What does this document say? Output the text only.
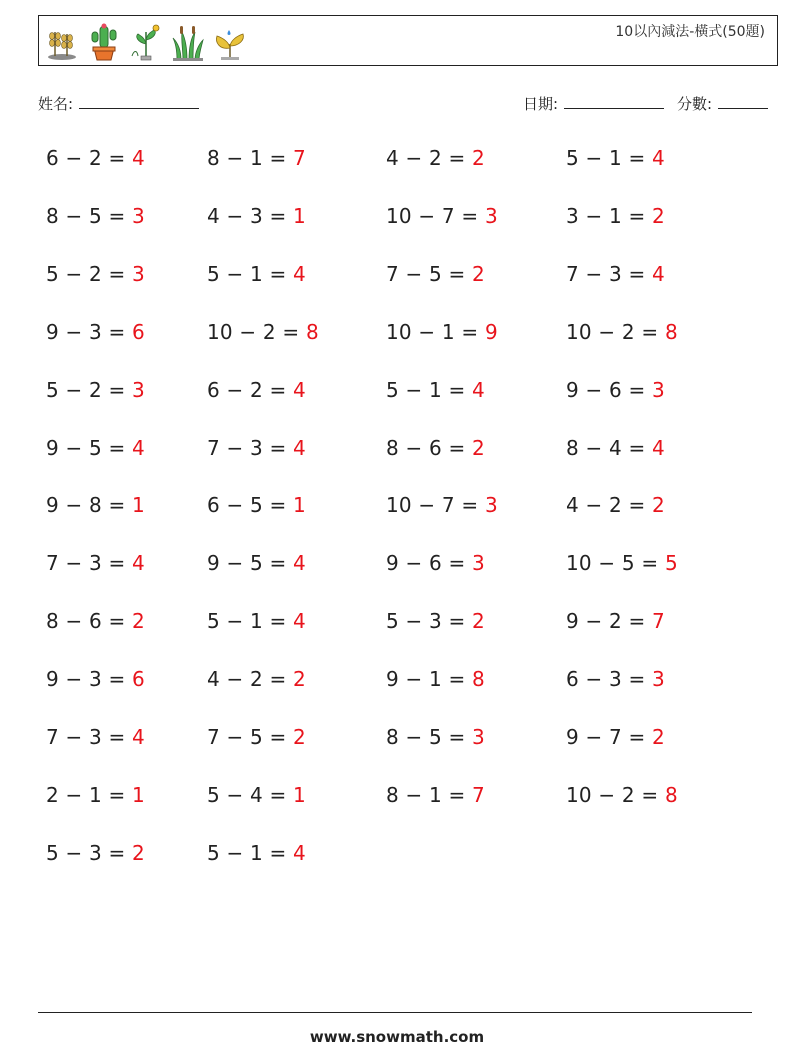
10以內減法-橫式(50題)
姓名:	日期:	分數:
6 − 2 = 4
8 − 5 = 3
5 − 2 = 3
9 − 3 = 6
5 − 2 = 3
9 − 5 = 4
9 − 8 = 1
7 − 3 = 4
8 − 6 = 2
9 − 3 = 6
7 − 3 = 4
2 − 1 = 1
5 − 3 = 2
8 − 1 = 7
4 − 3 = 1
5 − 1 = 4
10 − 2 = 8
6 − 2 = 4
7 − 3 = 4
6 − 5 = 1
9 − 5 = 4
5 − 1 = 4
4 − 2 = 2
7 − 5 = 2
5 − 4 = 1
5 − 1 = 4
4 − 2 = 2
10 − 7 = 3
7 − 5 = 2
10 − 1 = 9
5 − 1 = 4
8 − 6 = 2
10 − 7 = 3
9 − 6 = 3
5 − 3 = 2
9 − 1 = 8
8 − 5 = 3
8 − 1 = 7
5 − 1 = 4
3 − 1 = 2
7 − 3 = 4
10 − 2 = 8
9 − 6 = 3
8 − 4 = 4
4 − 2 = 2
10 − 5 = 5
9 − 2 = 7
6 − 3 = 3
9 − 7 = 2
10 − 2 = 8
www.snowmath.com
